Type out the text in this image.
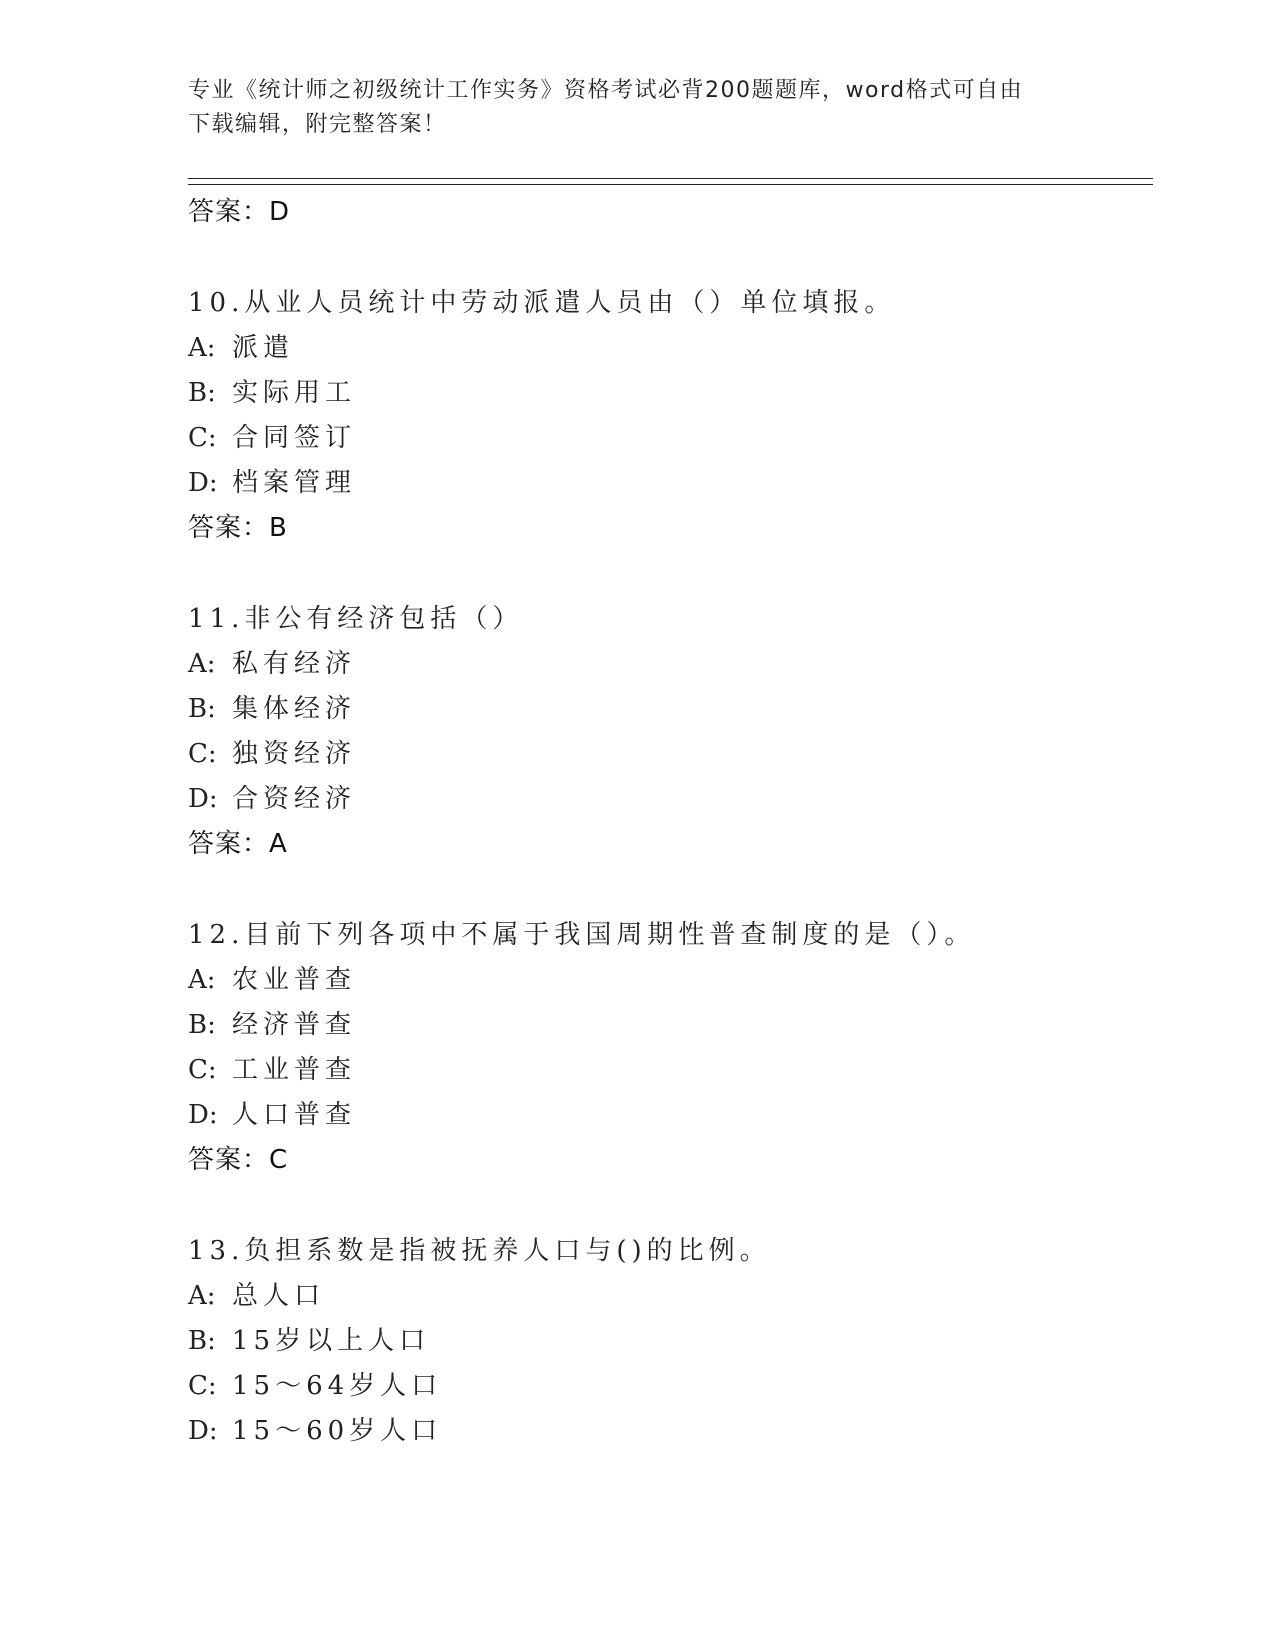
专业《统计师之初级统计工作实务》资格考试必背200题题库，word格式可自由
下载编辑，附完整答案！
答案：D
10.从业人员统计中劳动派遣人员由（）单位填报。
A: 派遣
B: 实际用工
C: 合同签订
D: 档案管理
答案：B
11.非公有经济包括（）
A: 私有经济
B: 集体经济
C: 独资经济
D: 合资经济
答案：A
12.目前下列各项中不属于我国周期性普查制度的是（）。
A: 农业普查
B: 经济普查
C: 工业普查
D: 人口普查
答案：C
13.负担系数是指被抚养人口与()的比例。
A: 总人口
B: 15岁以上人口
C: 15～64岁人口
D: 15～60岁人口
